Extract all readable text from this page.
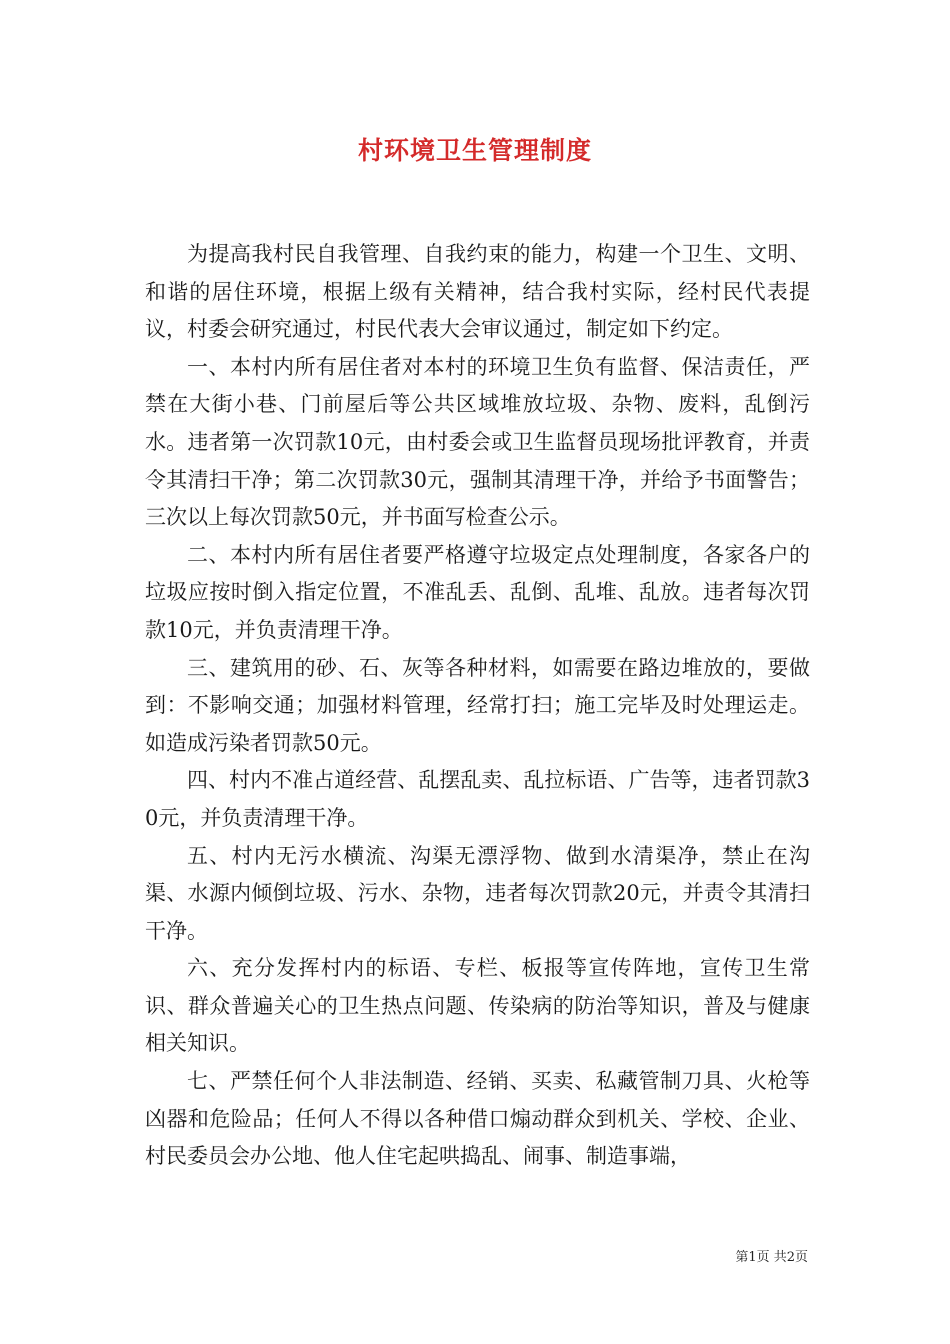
村环境卫生管理制度

为提高我村民自我管理、自我约束的能力，构建一个卫生、文明、和谐的居住环境，根据上级有关精神，结合我村实际，经村民代表提议，村委会研究通过，村民代表大会审议通过，制定如下约定。

一、本村内所有居住者对本村的环境卫生负有监督、保洁责任，严禁在大街小巷、门前屋后等公共区域堆放垃圾、杂物、废料，乱倒污水。违者第一次罚款10元，由村委会或卫生监督员现场批评教育，并责令其清扫干净；第二次罚款30元，强制其清理干净，并给予书面警告；三次以上每次罚款50元，并书面写检查公示。

二、本村内所有居住者要严格遵守垃圾定点处理制度，各家各户的垃圾应按时倒入指定位置，不准乱丢、乱倒、乱堆、乱放。违者每次罚款10元，并负责清理干净。

三、建筑用的砂、石、灰等各种材料，如需要在路边堆放的，要做到：不影响交通；加强材料管理，经常打扫；施工完毕及时处理运走。如造成污染者罚款50元。

四、村内不准占道经营、乱摆乱卖、乱拉标语、广告等，违者罚款30元，并负责清理干净。

五、村内无污水横流、沟渠无漂浮物、做到水清渠净，禁止在沟渠、水源内倾倒垃圾、污水、杂物，违者每次罚款20元，并责令其清扫干净。

六、充分发挥村内的标语、专栏、板报等宣传阵地，宣传卫生常识、群众普遍关心的卫生热点问题、传染病的防治等知识，普及与健康相关知识。

七、严禁任何个人非法制造、经销、买卖、私藏管制刀具、火枪等凶器和危险品；任何人不得以各种借口煽动群众到机关、学校、企业、村民委员会办公地、他人住宅起哄捣乱、闹事、制造事端，

第1页 共2页
